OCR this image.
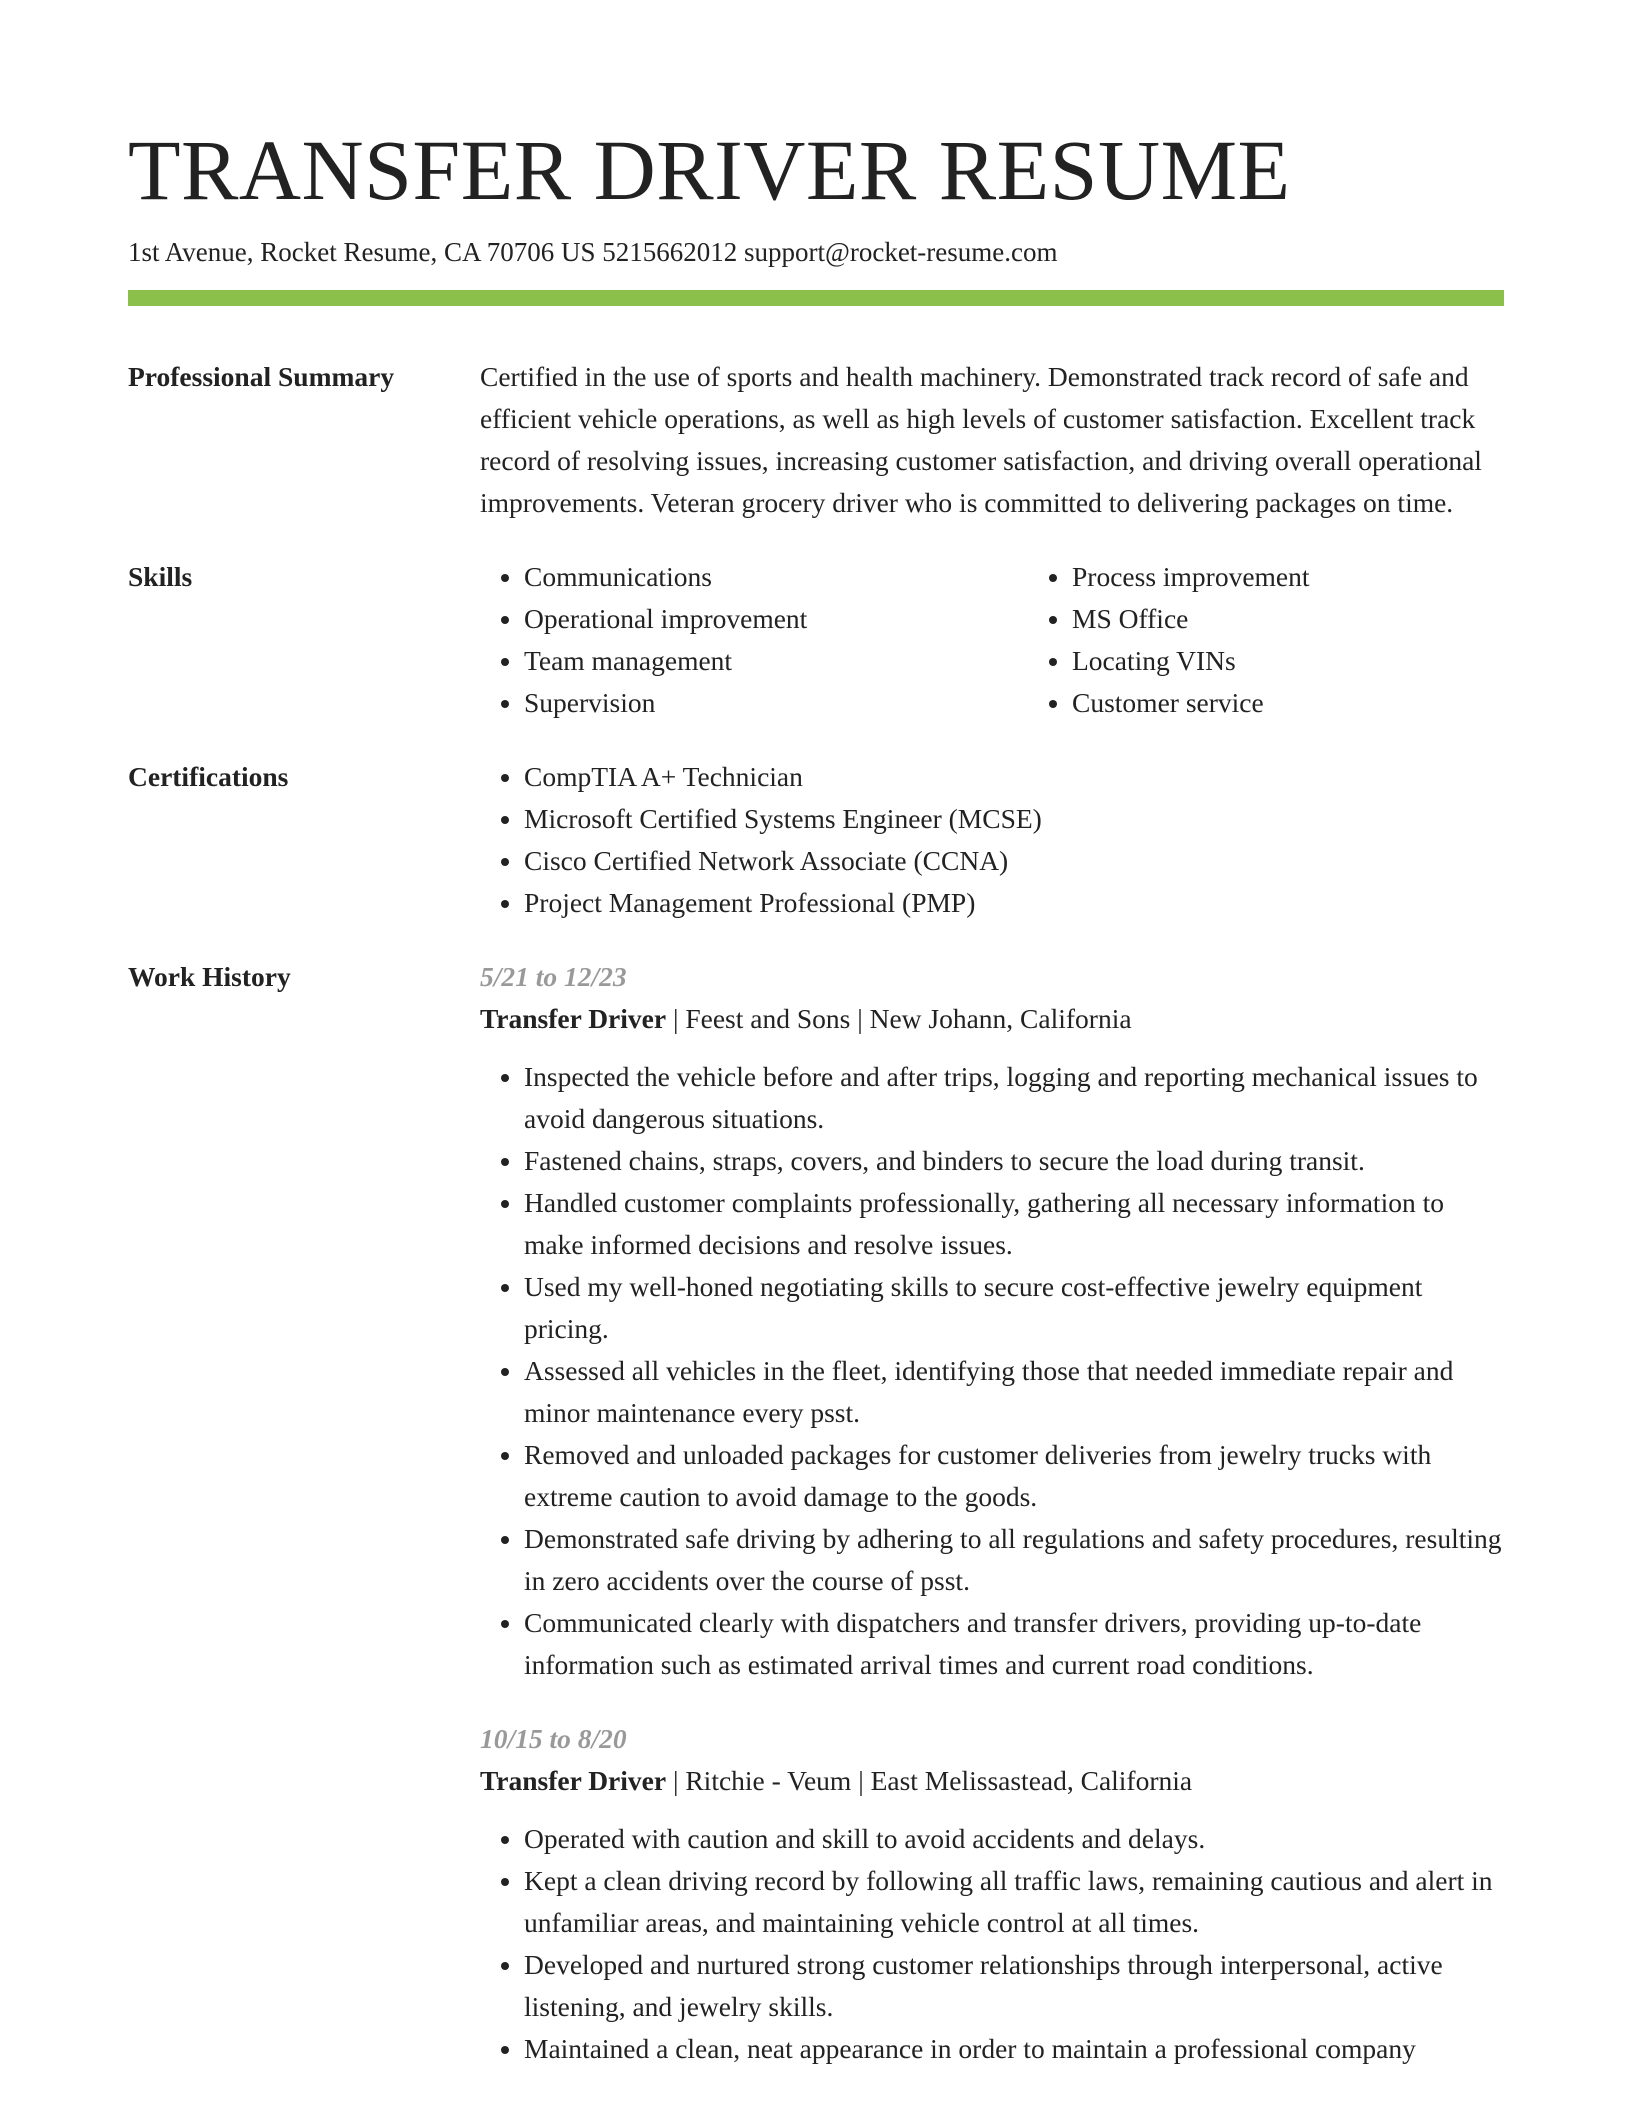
TRANSFER DRIVER RESUME
1st Avenue, Rocket Resume, CA 70706 US 5215662012 support@rocket-resume.com
Professional Summary	Certified in the use of sports and health machinery. Demonstrated track record of safe and efficient vehicle operations, as well as high levels of customer satisfaction. Excellent track record of resolving issues, increasing customer satisfaction, and driving overall operational improvements. Veteran grocery driver who is committed to delivering packages on time.
Skills	• Communications
• Operational improvement
• Team management
• Supervision
• Process improvement
• MS Office
• Locating VINs
• Customer service
Certifications	• CompTIA A+ Technician
• Microsoft Certified Systems Engineer (MCSE)
• Cisco Certified Network Associate (CCNA)
• Project Management Professional (PMP)
Work History	5/21 to 12/23
Transfer Driver | Feest and Sons | New Johann, California
• Inspected the vehicle before and after trips, logging and reporting mechanical issues to avoid dangerous situations.
• Fastened chains, straps, covers, and binders to secure the load during transit.
• Handled customer complaints professionally, gathering all necessary information to make informed decisions and resolve issues.
• Used my well-honed negotiating skills to secure cost-effective jewelry equipment pricing.
• Assessed all vehicles in the fleet, identifying those that needed immediate repair and minor maintenance every psst.
• Removed and unloaded packages for customer deliveries from jewelry trucks with extreme caution to avoid damage to the goods.
• Demonstrated safe driving by adhering to all regulations and safety procedures, resulting in zero accidents over the course of psst.
• Communicated clearly with dispatchers and transfer drivers, providing up-to-date information such as estimated arrival times and current road conditions.
10/15 to 8/20
Transfer Driver | Ritchie - Veum | East Melissastead, California
• Operated with caution and skill to avoid accidents and delays.
• Kept a clean driving record by following all traffic laws, remaining cautious and alert in unfamiliar areas, and maintaining vehicle control at all times.
• Developed and nurtured strong customer relationships through interpersonal, active listening, and jewelry skills.
• Maintained a clean, neat appearance in order to maintain a professional company
